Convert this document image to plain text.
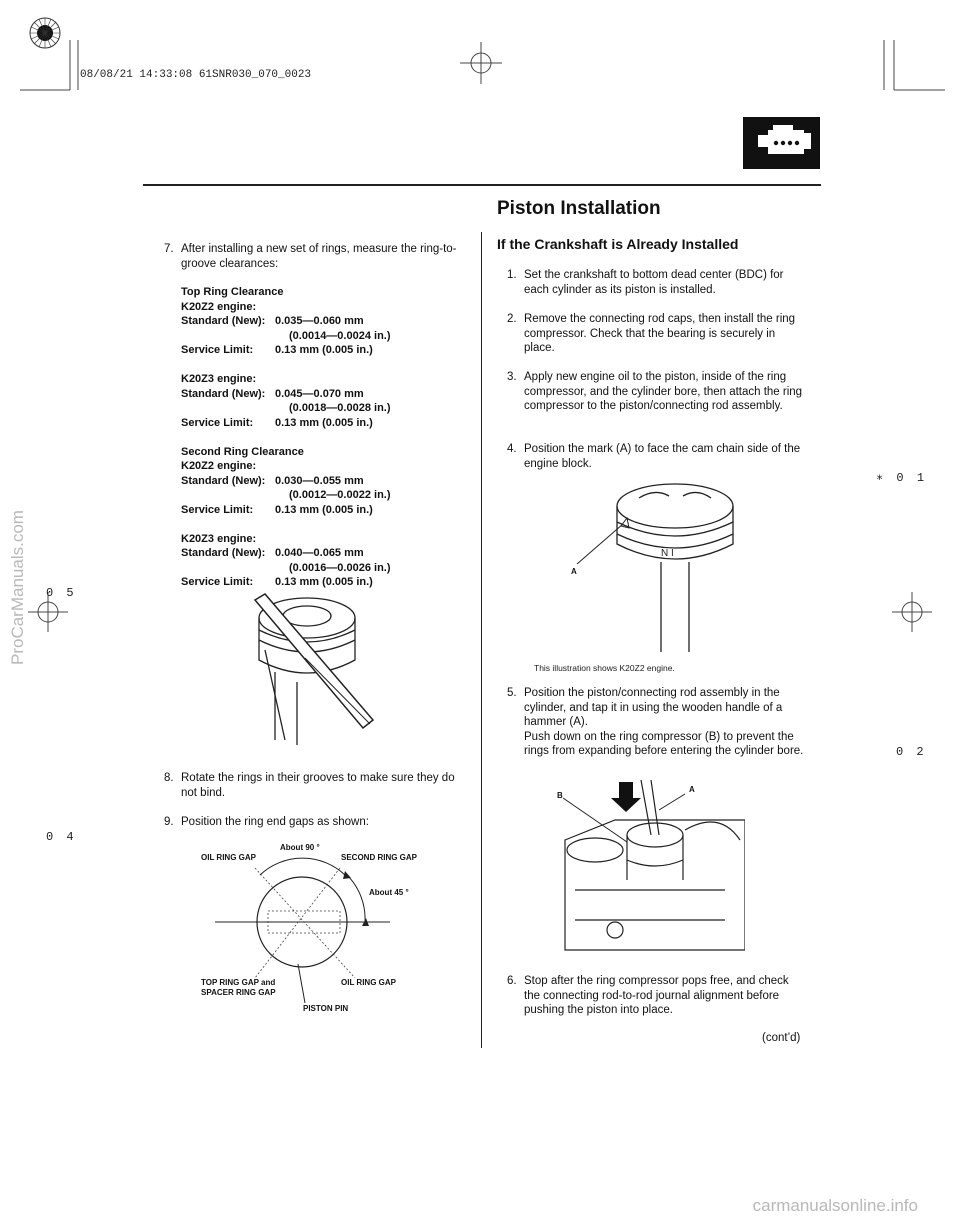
08/08/21 14:33:08 61SNR030_070_0023
Piston Installation
7. After installing a new set of rings, measure the ring-to-groove clearances:
Top Ring Clearance
K20Z2 engine:
Standard (New): 0.035—0.060 mm
(0.0014—0.0024 in.)
Service Limit:	0.13 mm (0.005 in.)
K20Z3 engine:
Standard (New): 0.045—0.070 mm
(0.0018—0.0028 in.)
Service Limit:	0.13 mm (0.005 in.)
Second Ring Clearance
K20Z2 engine:
Standard (New): 0.030—0.055 mm
(0.0012—0.0022 in.)
Service Limit:	0.13 mm (0.005 in.)
K20Z3 engine:
Standard (New): 0.040—0.065 mm
(0.0016—0.0026 in.)
Service Limit:	0.13 mm (0.005 in.)
8. Rotate the rings in their grooves to make sure they do not bind.
9. Position the ring end gaps as shown:
About 90 °
OIL RING GAP	SECOND RING GAP
About 45 °
TOP RING GAP and
SPACER RING GAP
OIL RING GAP
PISTON PIN
If the Crankshaft is Already Installed
1. Set the crankshaft to bottom dead center (BDC) for each cylinder as its piston is installed.
2. Remove the connecting rod caps, then install the ring compressor. Check that the bearing is securely in place.
3. Apply new engine oil to the piston, inside of the ring compressor, and the cylinder bore, then attach the ring compressor to the piston/connecting rod assembly.
4. Position the mark (A) to face the cam chain side of the engine block.
N I
A
This illustration shows K20Z2 engine.
5. Position the piston/connecting rod assembly in the cylinder, and tap it in using the wooden handle of a hammer (A).
Push down on the ring compressor (B) to prevent the rings from expanding before entering the cylinder bore.
B
A
6. Stop after the ring compressor pops free, and check the connecting rod-to-rod journal alignment before pushing the piston into place.
(cont’d)
∗ 0 1
0 2
0 4
0 5
ProCarManuals.com
carmanualsonline.info
